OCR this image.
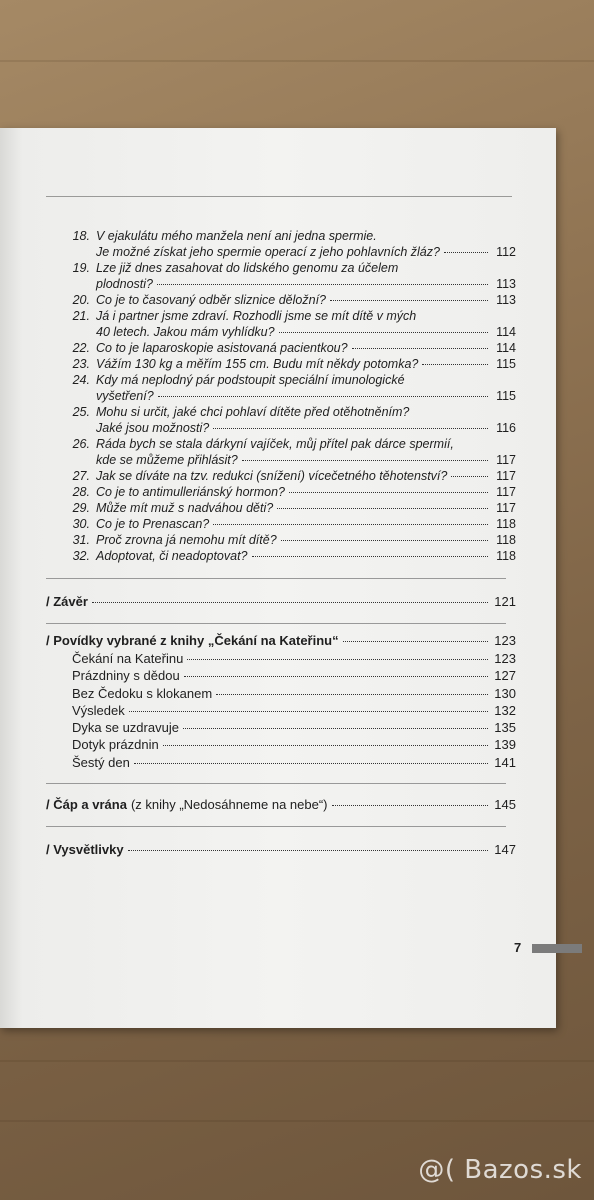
18. V ejakulátu mého manžela není ani jedna spermie.
Je možné získat jeho spermie operací z jeho pohlavních žláz?	112
19. Lze již dnes zasahovat do lidského genomu za účelem
plodnosti?	113
20. Co je to časovaný odběr sliznice děložní?	113
21. Já i partner jsme zdraví. Rozhodli jsme se mít dítě v mých
40 letech. Jakou mám vyhlídku?	114
22. Co to je laparoskopie asistovaná pacientkou?	114
23. Vážím 130 kg a měřím 155 cm. Budu mít někdy potomka?	115
24. Kdy má neplodný pár podstoupit speciální imunologické
vyšetření?	115
25. Mohu si určit, jaké chci pohlaví dítěte před otěhotněním?
Jaké jsou možnosti?	116
26. Ráda bych se stala dárkyní vajíček, můj přítel pak dárce spermií,
kde se můžeme přihlásit?	117
27. Jak se díváte na tzv. redukci (snížení) vícečetného těhotenství?	117
28. Co je to antimulleriánský hormon?	117
29. Může mít muž s nadváhou děti?	117
30. Co je to Prenascan?	118
31. Proč zrovna já nemohu mít dítě?	118
32. Adoptovat, či neadoptovat?	118
/ Závěr	121
/ Povídky vybrané z knihy „Čekání na Kateřinu“	123
Čekání na Kateřinu	123
Prázdniny s dědou	127
Bez Čedoku s klokanem	130
Výsledek	132
Dyka se uzdravuje	135
Dotyk prázdnin	139
Šestý den	141
/ Čáp a vrána (z knihy „Nedosáhneme na nebe“)	145
/ Vysvětlivky	147
7
@( Bazos.sk
